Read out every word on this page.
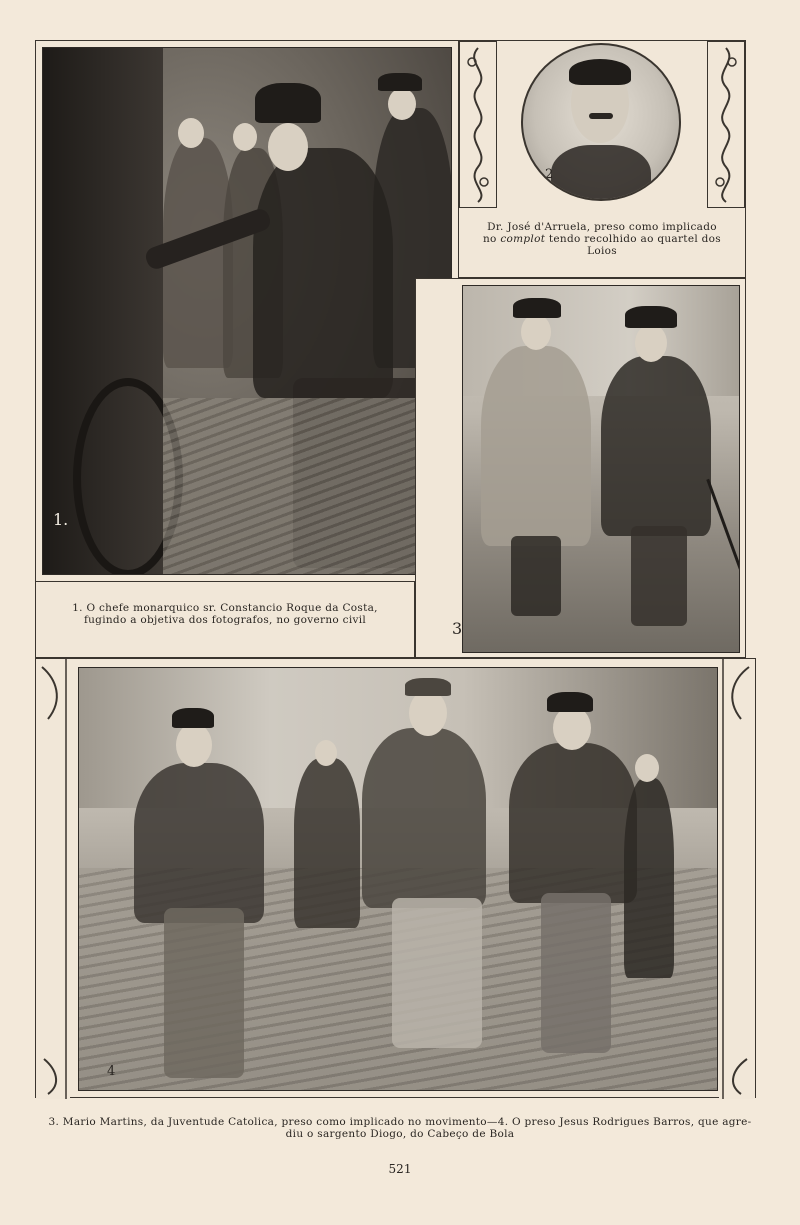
1.
1. O chefe monarquico sr. Constancio Roque da Costa,
fugindo a objetiva dos fotografos, no governo civil
2
Dr. José d'Arruela, preso como implicado
no complot tendo recolhido ao quartel dos
Loios
3
4
3. Mario Martins, da Juventude Catolica, preso como implicado no movimento—4. O preso Jesus Rodrigues Barros, que agre-
diu o sargento Diogo, do Cabeço de Bola
521
